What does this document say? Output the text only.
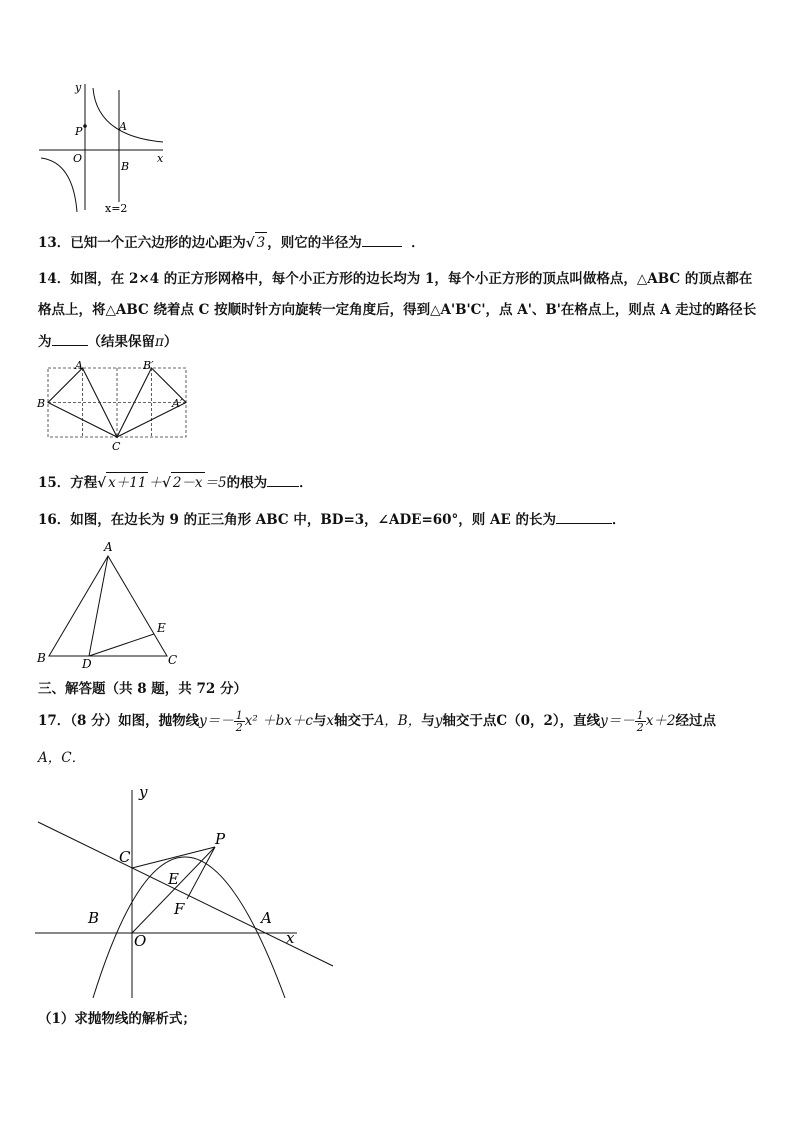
y
x
O
P	A
B
x=2
13．已知一个正六边形的边心距为√ 3 ，则它的半径为	．
14．如图，在 2×4 的正方形网格中，每个小正方形的边长均为 1，每个小正方形的顶点叫做格点，△ABC 的顶点都在
格点上，将△ABC 绕着点 C 按顺时针方向旋转一定角度后，得到△A'B'C'，点 A'、B'在格点上，则点 A 走过的路径长
为	（结果保留π）
A
B
B′
A′
C
15．方程√ x＋11 ＋√ 2－x ＝5的根为 ．
16．如图，在边长为 9 的正三角形 ABC 中，BD=3，∠ADE=60°，则 AE 的长为	．
A
B	C
D
E
三、解答题（共 8 题，共 72 分）
17．（8 分）如图，抛物线$y=- \frac{1}{2} x^2 +bx+c$与x轴交于A，B，与y轴交于点C（0，2），直线$y=- \frac{1}{2} x+2$经过点
A，C．
y
x
C
P
E
F
B	A
O
（1）求抛物线的解析式；
